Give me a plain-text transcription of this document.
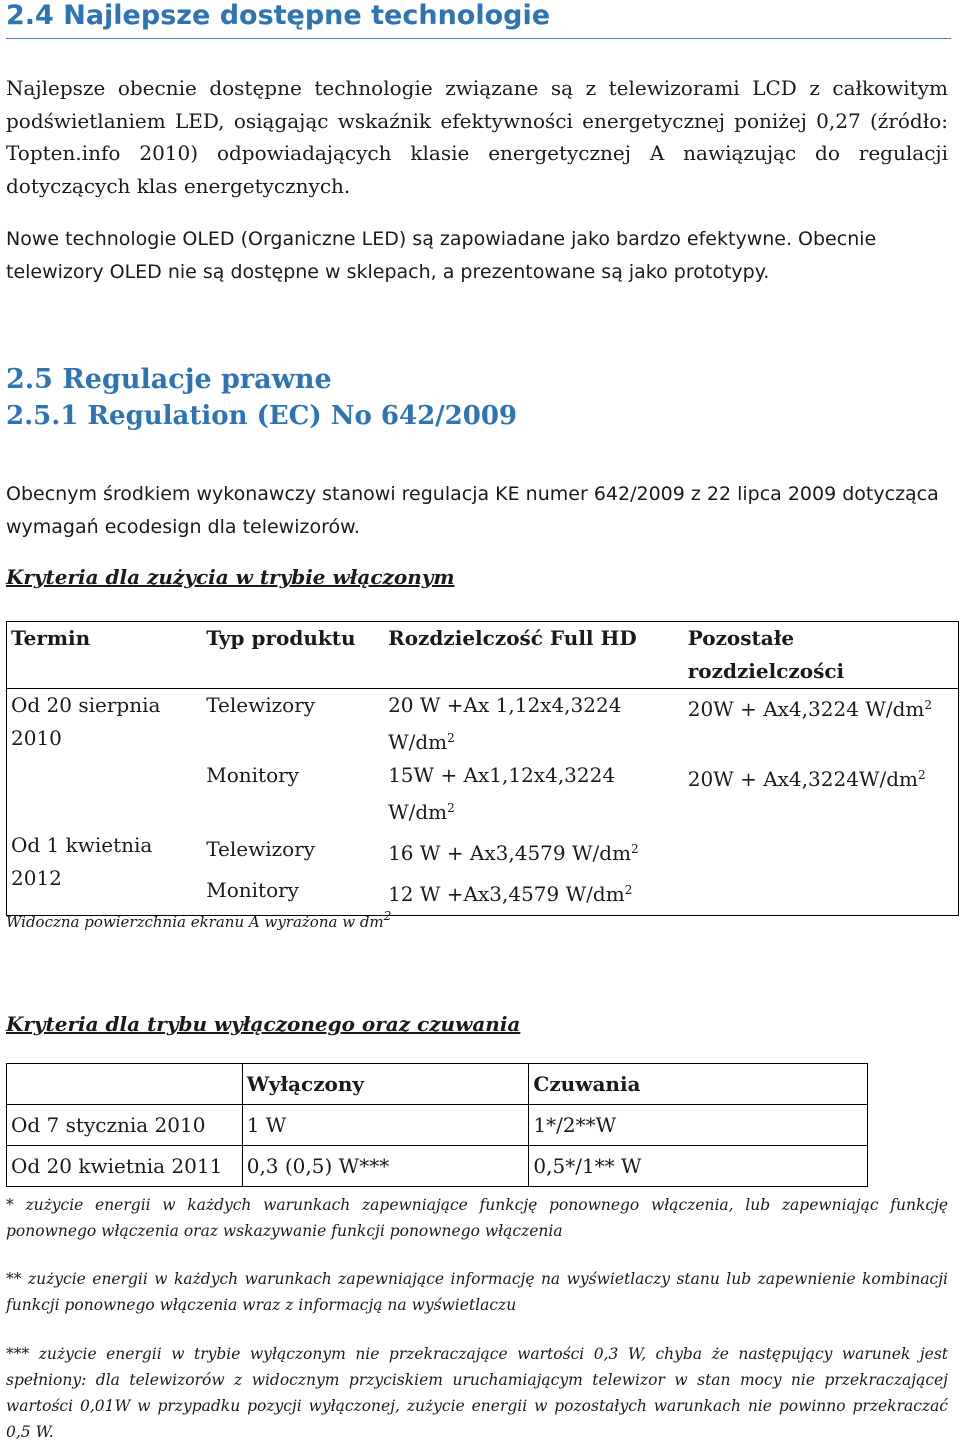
2.4 Najlepsze dostępne technologie

Najlepsze obecnie dostępne technologie związane są z telewizorami LCD z całkowitym podświetlaniem LED, osiągając wskaźnik efektywności energetycznej poniżej 0,27 (źródło: Topten.info 2010) odpowiadających klasie energetycznej A nawiązując do regulacji dotyczących klas energetycznych.

Nowe technologie OLED (Organiczne LED) są zapowiadane jako bardzo efektywne. Obecnie telewizory OLED nie są dostępne w sklepach, a prezentowane są jako prototypy.

2.5 Regulacje prawne
2.5.1 Regulation (EC) No 642/2009

Obecnym środkiem wykonawczy stanowi regulacja KE numer 642/2009 z 22 lipca 2009 dotycząca wymagań ecodesign dla telewizorów.

Kryteria dla zużycia w trybie włączonym

Termin	Typ produktu	Rozdzielczość Full HD	Pozostałe rozdzielczości
Od 20 sierpnia 2010	Telewizory	20 W +Ax 1,12x4,3224 $W/dm^2$	20W + Ax4,3224 $W/dm^2$
	Monitory	15W + Ax1,12x4,3224 $W/dm^2$	$20W + Ax4,3224W/dm^2$
Od 1 kwietnia 2012	Telewizory	16 W + Ax3,4579 $W/dm^2$	
	Monitory	12 W +Ax3,4579 $W/dm^2$	

Widoczna powierzchnia ekranu A wyrażona w $dm^2$

Kryteria dla trybu wyłączonego oraz czuwania

	Wyłączony	Czuwania
Od 7 stycznia 2010	1 W	1*/2**W
Od 20 kwietnia 2011	0,3 (0,5) W***	0,5*/1** W

* zużycie energii w każdych warunkach zapewniające funkcję ponownego włączenia, lub zapewniając funkcję ponownego włączenia oraz wskazywanie funkcji ponownego włączenia

** zużycie energii w każdych warunkach zapewniające informację na wyświetlaczy stanu lub zapewnienie kombinacji funkcji ponownego włączenia wraz z informacją na wyświetlaczu

*** zużycie energii w trybie wyłączonym nie przekraczające wartości 0,3 W, chyba że następujący warunek jest spełniony: dla telewizorów z widocznym przyciskiem uruchamiającym telewizor w stan mocy nie przekraczającej wartości 0,01W w przypadku pozycji wyłączonej, zużycie energii w pozostałych warunkach nie powinno przekraczać 0,5 W.
